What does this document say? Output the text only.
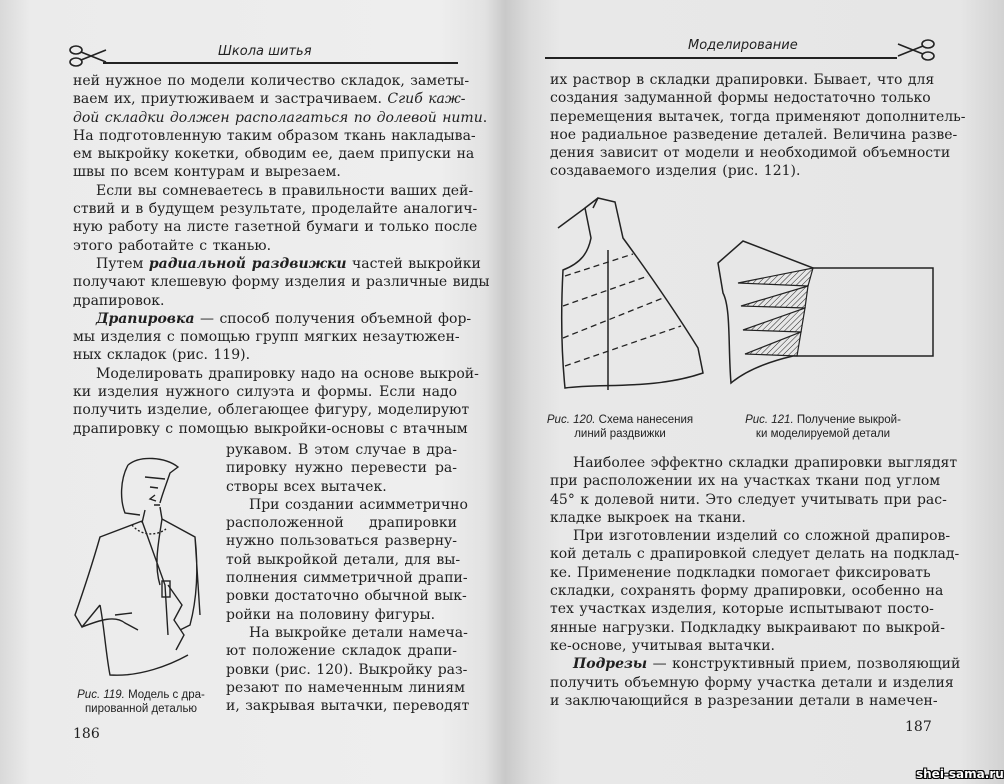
Школа шитья
ней нужное по модели количество складок, заметы-
ваем их, приутюживаем и застрачиваем. Сгиб каж-
дой складки должен располагаться по долевой нити.
На подготовленную таким образом ткань накладыва-
ем выкройку кокетки, обводим ее, даем припуски на
швы по всем контурам и вырезаем.
Если вы сомневаетесь в правильности ваших дей-
ствий и в будущем результате, проделайте аналогич-
ную работу на листе газетной бумаги и только после
этого работайте с тканью.
Путем радиальной раздвижки частей выкройки
получают клешевую форму изделия и различные виды
драпировок.
Драпировка — способ получения объемной фор-
мы изделия с помощью групп мягких незаутюжен-
ных складок (рис. 119).
Моделировать драпировку надо на основе выкрой-
ки изделия нужного силуэта и формы. Если надо
получить изделие, облегающее фигуру, моделируют
драпировку с помощью выкройки-основы с втачным
рукавом. В этом случае в дра-
пировку нужно перевести ра-
створы всех вытачек.
При создании асимметрично
расположенной драпировки
нужно пользоваться разверну-
той выкройкой детали, для вы-
полнения симметричной драпи-
ровки достаточно обычной вык-
ройки на половину фигуры.
На выкройке детали намеча-
ют положение складок драпи-
ровки (рис. 120). Выкройку раз-
резают по намеченным линиям
и, закрывая вытачки, переводят
Рис. 119. Модель с дра-
пированной деталью
186
Моделирование
их раствор в складки драпировки. Бывает, что для
создания задуманной формы недостаточно только
перемещения вытачек, тогда применяют дополнитель-
ное радиальное разведение деталей. Величина разве-
дения зависит от модели и необходимой объемности
создаваемого изделия (рис. 121).
Рис. 120. Схема нанесения
линий раздвижки
Рис. 121. Получение выкрой-
ки моделируемой детали
Наиболее эффектно складки драпировки выглядят
при расположении их на участках ткани под углом
45° к долевой нити. Это следует учитывать при рас-
кладке выкроек на ткани.
При изготовлении изделий со сложной драпиров-
кой деталь с драпировкой следует делать на подклад-
ке. Применение подкладки помогает фиксировать
складки, сохранять форму драпировки, особенно на
тех участках изделия, которые испытывают посто-
янные нагрузки. Подкладку выкраивают по выкрой-
ке-основе, учитывая вытачки.
Подрезы — конструктивный прием, позволяющий
получить объемную форму участка детали и изделия
и заключающийся в разрезании детали в намечен-
187
shei-sama.ru
